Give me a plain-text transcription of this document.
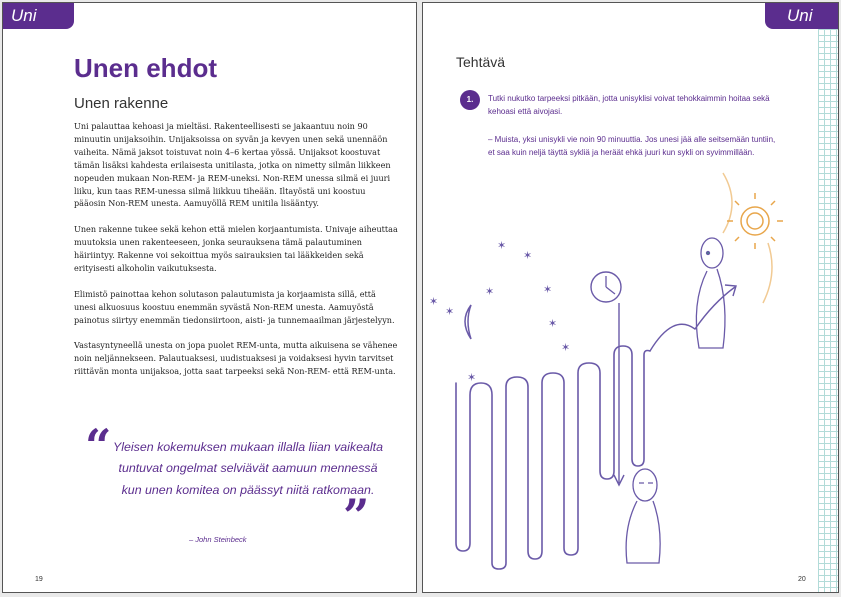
Uni
Unen ehdot
Unen rakenne

Uni palauttaa kehoasi ja mieltäsi. Rakenteellisesti se jakaantuu noin 90 minuutin unijaksoihin. Unijaksoissa on syvän ja kevyen unen sekä unennäön vaiheita. Nämä jaksot toistuvat noin 4–6 kertaa yössä. Unijaksot koostuvat tämän lisäksi kahdesta erilaisesta unitilasta, jotka on nimetty silmän liikkeen nopeuden mukaan Non-REM- ja REM-uneksi. Non-REM unessa silmä ei juuri liiku, kun taas REM-unessa silmä liikkuu tiheään. Iltayöstä uni koostuu pääosin Non-REM unesta. Aamuyöllä REM unitila lisääntyy.

Unen rakenne tukee sekä kehon että mielen korjaantumista. Univaje aiheuttaa muutoksia unen rakenteeseen, jonka seurauksena tämä palautuminen häiriintyy. Rakenne voi sekoittua myös sairauksien tai lääkkeiden sekä erityisesti alkoholin vaikutuksesta.

Elimistö painottaa kehon solutason palautumista ja korjaamista sillä, että unesi alkuosuus koostuu enemmän syvästä Non-REM unesta. Aamuyöstä painotus siirtyy enemmän tiedonsiirtoon, aisti- ja tunnemaailman järjestelyyn.

Vastasyntyneellä unesta on jopa puolet REM-unta, mutta aikuisena se vähenee noin neljännekseen. Palautuaksesi, uudistuaksesi ja voidaksesi hyvin tarvitset riittävän monta unijaksoa, jotta saat tarpeeksi sekä Non-REM- että REM-unta.

“
”
Yleisen kokemuksen mukaan illalla liian vaikealta tuntuvat ongelmat selviävät aamuun mennessä kun unen komitea on päässyt niitä ratkomaan.
– John Steinbeck
19
Uni
Tehtävä
1.	Tutki nukutko tarpeeksi pitkään, jotta unisyklisi voivat tehokkaimmin hoitaa sekä kehoasi että aivojasi.
– Muista, yksi unisykli vie noin 90 minuuttia. Jos unesi jää alle seitsemään tuntiin, et saa kuin neljä täyttä sykliä ja heräät ehkä juuri kun sykli on syvimmillään.
✶
✶
✶
✶
✶
✶
✶
✶
✶
20
